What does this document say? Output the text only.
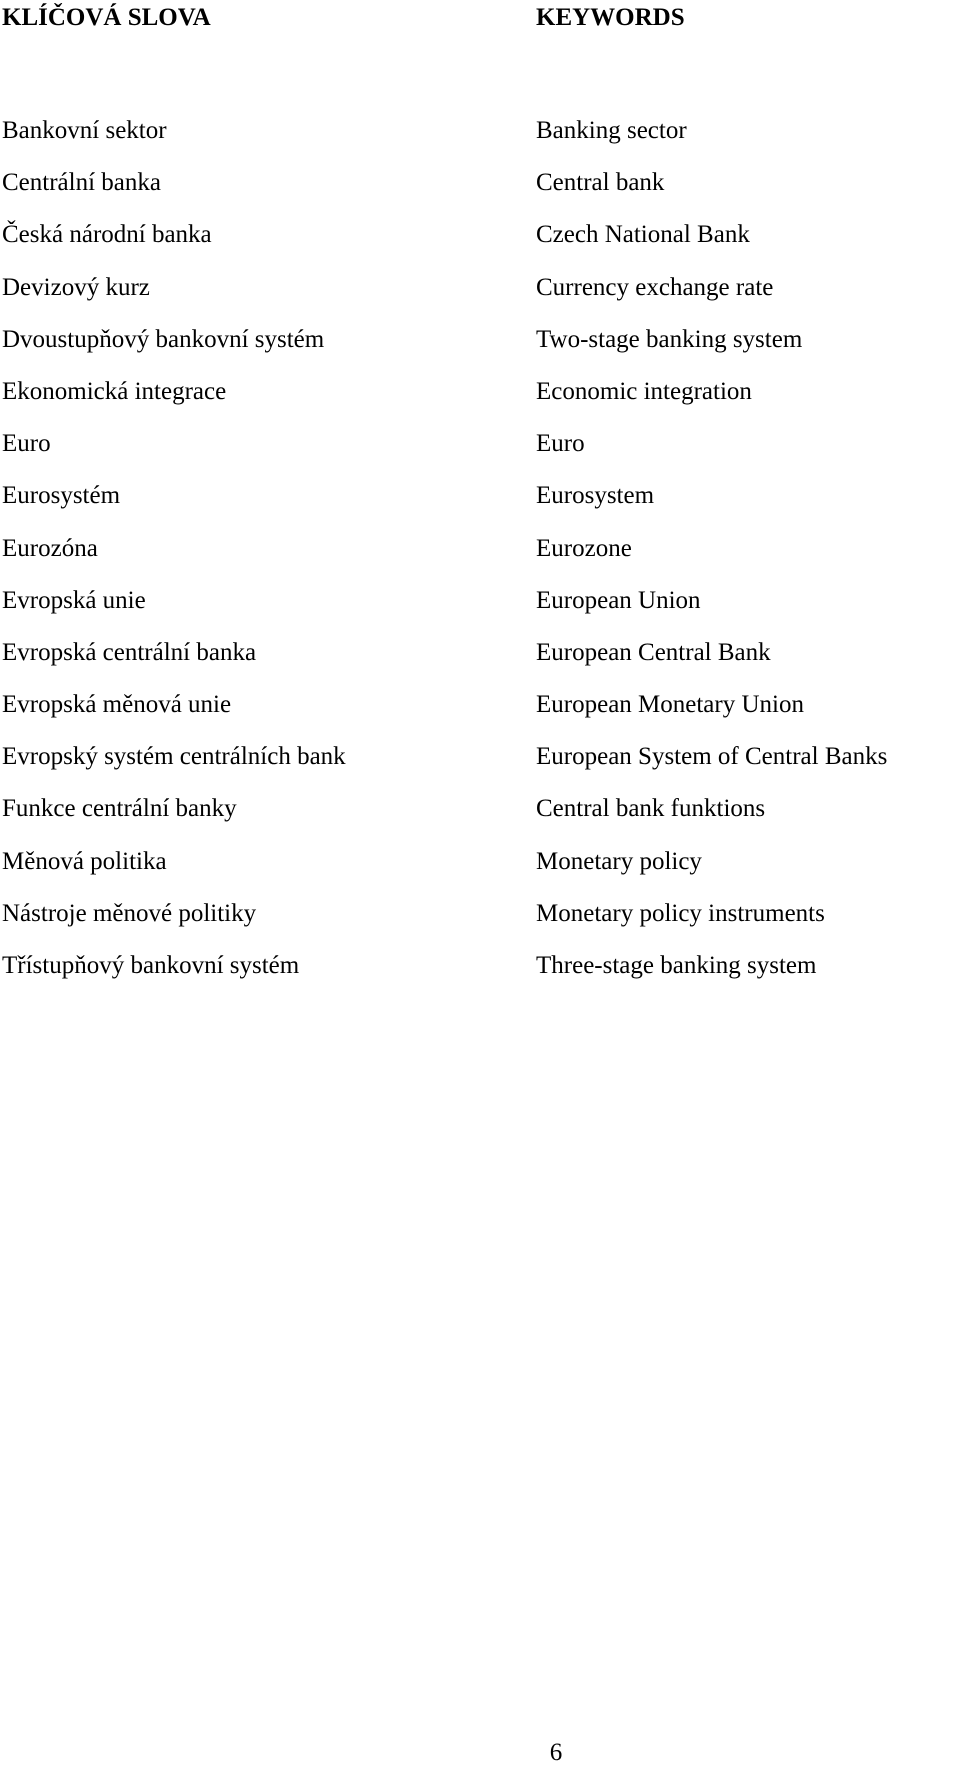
KLÍČOVÁ SLOVA
Bankovní sektor
Centrální banka
Česká národní banka
Devizový kurz
Dvoustupňový bankovní systém
Ekonomická integrace
Euro
Eurosystém
Eurozóna
Evropská unie
Evropská centrální banka
Evropská měnová unie
Evropský systém centrálních bank
Funkce centrální banky
Měnová politika
Nástroje měnové politiky
Třístupňový bankovní systém
KEYWORDS
Banking sector
Central bank
Czech National Bank
Currency exchange rate
Two-stage banking system
Economic integration
Euro
Eurosystem
Eurozone
European Union
European Central Bank
European Monetary Union
European System of Central Banks
Central bank funktions
Monetary policy
Monetary policy instruments
Three-stage banking system
6
